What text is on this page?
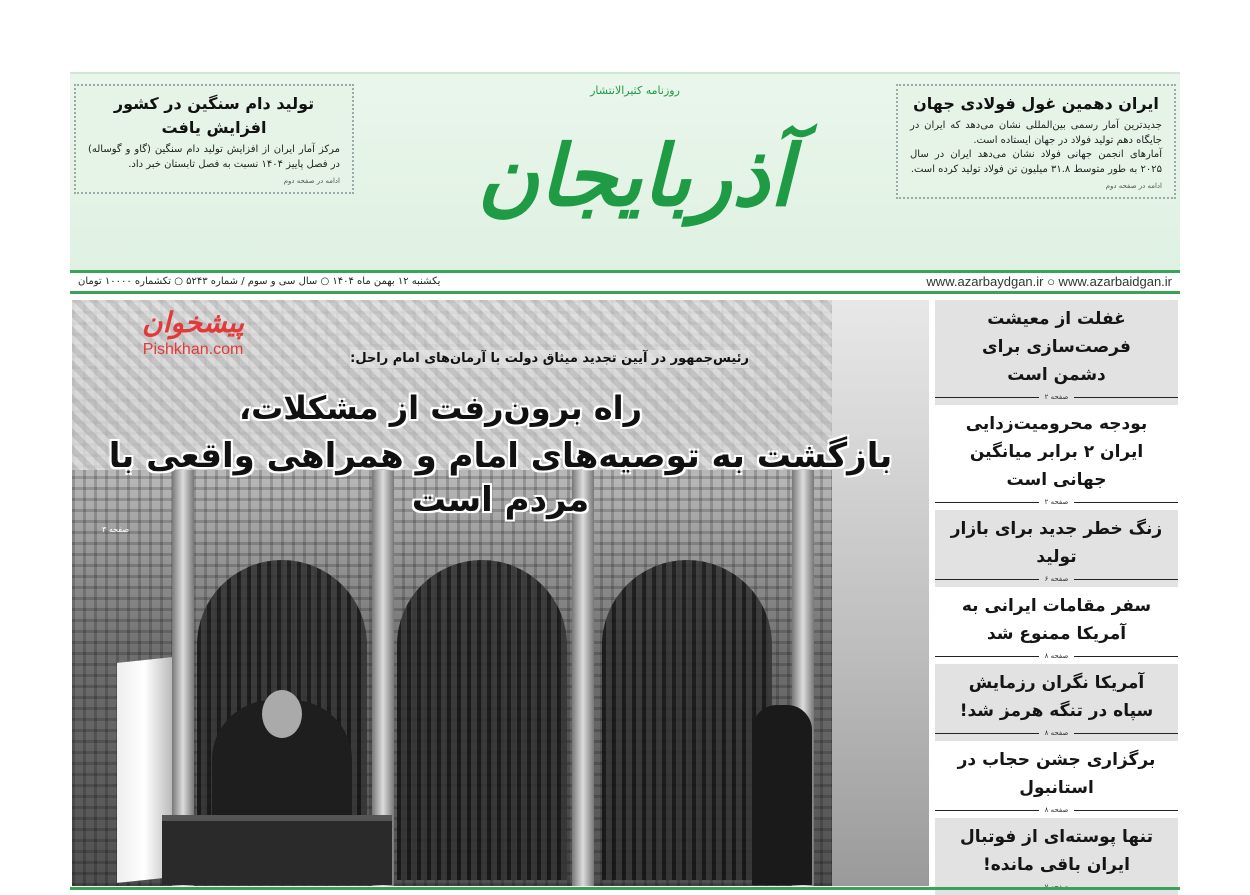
تولید دام سنگین در کشور افزایش یافت

مرکز آمار ایران از افزایش تولید دام سنگین (گاو و گوساله) در فصل پاییز ۱۴۰۴ نسبت به فصل تابستان خبر داد.

ادامه در صفحه دوم
روزنامه کثیرالانتشار
آذربایجان
ایران دهمین غول فولادی جهان

جدیدترین آمار رسمی بین‌المللی نشان می‌دهد که ایران در جایگاه دهم تولید فولاد در جهان ایستاده است.

آمارهای انجمن جهانی فولاد نشان می‌دهد ایران در سال ۲۰۲۵ به طور متوسط ۳۱.۸ میلیون تن فولاد تولید کرده است.

ادامه در صفحه دوم
یکشنبه ۱۲ بهمن ماه ۱۴۰۴ ○ سال سی و سوم / شماره ۵۲۴۳ ○ تکشماره ۱۰۰۰۰ تومان	www.azarbaydgan.ir ○ www.azarbaidgan.ir
پیشخوان
Pishkhan.com
رئیس‌جمهور در آیین تجدید میثاق دولت با آرمان‌های امام راحل:
راه برون‌رفت از مشکلات،
بازگشت به توصیه‌های امام و همراهی واقعی با مردم است
صفحه ۳
غفلت از معیشت فرصت‌سازی برای دشمن است
صفحه ۲
بودجه محرومیت‌زدایی ایران ۲ برابر میانگین جهانی است
صفحه ۲
زنگ خطر جدید برای بازار تولید
صفحه ۶
سفر مقامات ایرانی به آمریکا ممنوع شد
صفحه ۸
آمریکا نگران رزمایش سپاه در تنگه هرمز شد!
صفحه ۸
برگزاری جشن حجاب در استانبول
صفحه ۸
تنها پوسته‌ای از فوتبال ایران باقی مانده!
